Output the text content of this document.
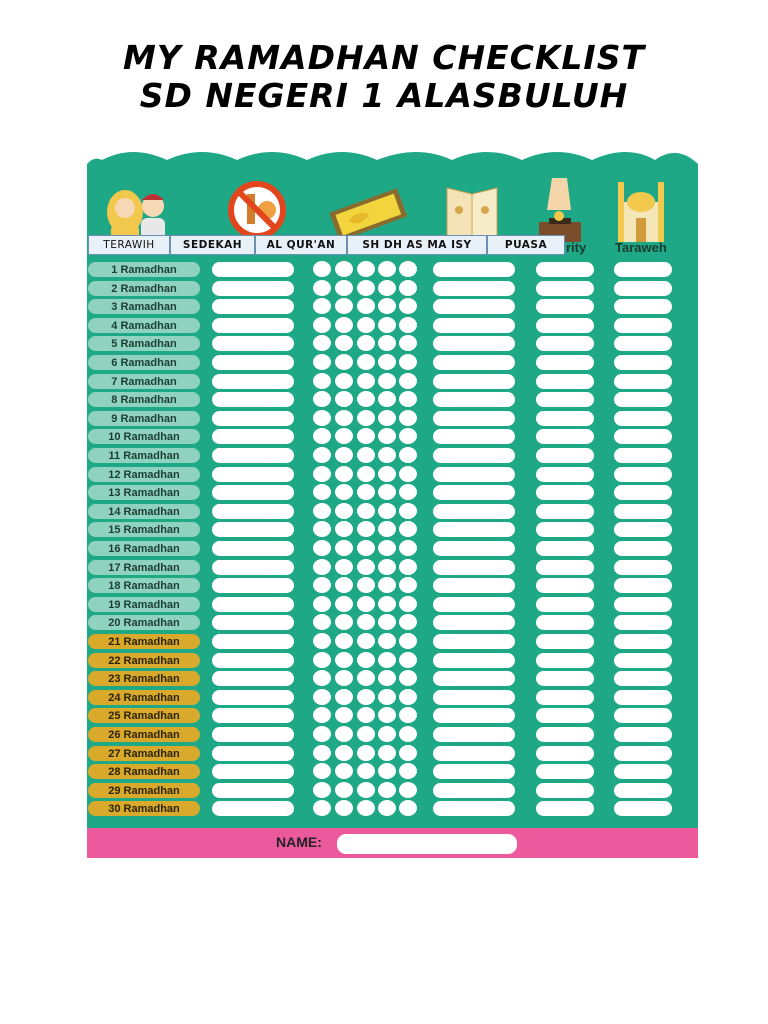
MY RAMADHAN CHECKLIST
SD NEGERI 1 ALASBULUH
TERAWIH	SEDEKAH	AL QUR'AN	SH DH AS MA ISY	PUASA	rity Taraweh
1 Ramadhan
2 Ramadhan
3 Ramadhan
4 Ramadhan
5 Ramadhan
6 Ramadhan
7 Ramadhan
8 Ramadhan
9 Ramadhan
10 Ramadhan
11 Ramadhan
12 Ramadhan
13 Ramadhan
14 Ramadhan
15 Ramadhan
16 Ramadhan
17 Ramadhan
18 Ramadhan
19 Ramadhan
20 Ramadhan
21 Ramadhan
22 Ramadhan
23 Ramadhan
24 Ramadhan
25 Ramadhan
26 Ramadhan
27 Ramadhan
28 Ramadhan
29 Ramadhan
30 Ramadhan
NAME:
